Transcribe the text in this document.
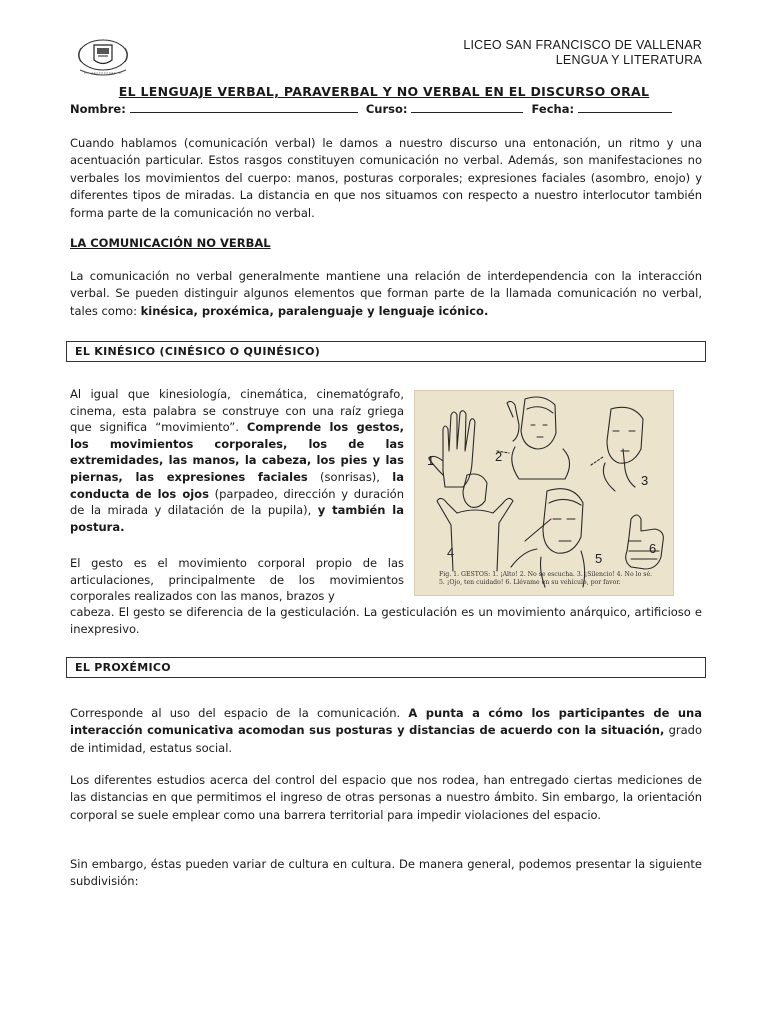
LICEO SAN FRANCISCO DE VALLENAR
LENGUA Y LITERATURA
EL LENGUAJE VERBAL, PARAVERBAL Y NO VERBAL EN EL DISCURSO ORAL
Nombre:	Curso:	Fecha:

Cuando hablamos (comunicación verbal) le damos a nuestro discurso una entonación, un ritmo y una acentuación particular. Estos rasgos constituyen comunicación no verbal. Además, son manifestaciones no verbales los movimientos del cuerpo: manos, posturas corporales; expresiones faciales (asombro, enojo) y diferentes tipos de miradas. La distancia en que nos situamos con respecto a nuestro interlocutor también forma parte de la comunicación no verbal.

LA COMUNICACIÓN NO VERBAL

La comunicación no verbal generalmente mantiene una relación de interdependencia con la interacción verbal. Se pueden distinguir algunos elementos que forman parte de la llamada comunicación no verbal, tales como: kinésica, proxémica, paralenguaje y lenguaje icónico.

EL KINÉSICO (CINÉSICO O QUINÉSICO)

Al igual que kinesiología, cinemática, cinematógrafo, cinema, esta palabra se construye con una raíz griega que significa “movimiento”. Comprende los gestos, los movimientos corporales, los de las extremidades, las manos, la cabeza, los pies y las piernas, las expresiones faciales (sonrisas), la conducta de los ojos (parpadeo, dirección y duración de la mirada y dilatación de la pupila), y también la postura.

El gesto es el movimiento corporal propio de las articulaciones, principalmente de los movimientos corporales realizados con las manos, brazos y

cabeza. El gesto se diferencia de la gesticulación. La gesticulación es un movimiento anárquico, artificioso e inexpresivo.

1	2
3
4	5
6
Fig. 1. GESTOS: 1. ¡Alto! 2. No se escucha. 3. ¡Silencio! 4. No lo sé.
5. ¡Ojo, ten cuidado! 6. Llévame en su vehículo, por favor.
EL PROXÉMICO

Corresponde al uso del espacio de la comunicación. A punta a cómo los participantes de una interacción comunicativa acomodan sus posturas y distancias de acuerdo con la situación, grado de intimidad, estatus social.

Los diferentes estudios acerca del control del espacio que nos rodea, han entregado ciertas mediciones de las distancias en que permitimos el ingreso de otras personas a nuestro ámbito. Sin embargo, la orientación corporal se suele emplear como una barrera territorial para impedir violaciones del espacio.

Sin embargo, éstas pueden variar de cultura en cultura. De manera general, podemos presentar la siguiente subdivisión:
